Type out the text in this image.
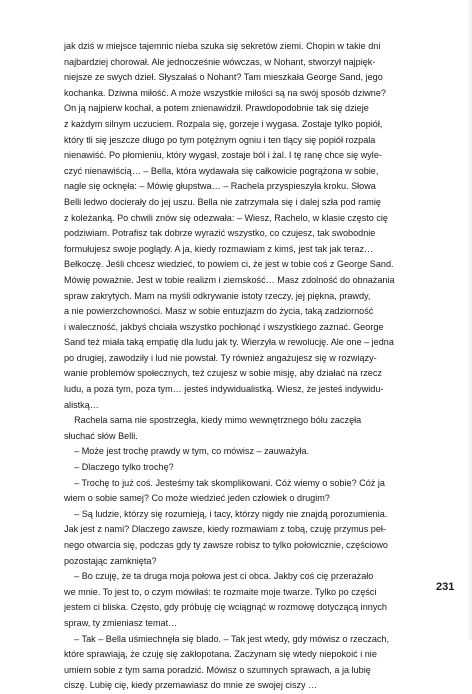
jak dziś w miejsce tajemnic nieba szuka się sekretów ziemi. Chopin w takie dni

najbardziej chorował. Ale jednocześnie wówczas, w Nohant, stworzył najpięk-

niejsze ze swych dzieł. Słyszałaś o Nohant? Tam mieszkała George Sand, jego

kochanka. Dziwna miłość. A może wszystkie miłości są na swój sposób dziwne?

On ją najpierw kochał, a potem znienawidził. Prawdopodobnie tak się dzieje

z każdym silnym uczuciem. Rozpala się, gorzeje i wygasa. Zostaje tylko popiół,

który tli się jeszcze długo po tym potężnym ogniu i ten tlący się popiół rozpala

nienawiść. Po płomieniu, który wygasł, zostaje ból i żal. I tę ranę chce się wyle-

czyć nienawiścią… – Bella, która wydawała się całkowicie pogrążona w sobie,

nagle się ocknęła: – Mówię głupstwa… – Rachela przyspieszyła kroku. Słowa

Belli ledwo docierały do jej uszu. Bella nie zatrzymała się i dalej szła pod ramię

z koleżanką. Po chwili znów się odezwała: – Wiesz, Rachelo, w klasie często cię

podziwiam. Potrafisz tak dobrze wyrazić wszystko, co czujesz, tak swobodnie

formułujesz swoje poglądy. A ja, kiedy rozmawiam z kimś, jest tak jak teraz…

Bełkoczę. Jeśli chcesz wiedzieć, to powiem ci, że jest w tobie coś z George Sand.

Mówię poważnie. Jest w tobie realizm i ziemskość… Masz zdolność do obnażania

spraw zakrytych. Mam na myśli odkrywanie istoty rzeczy, jej piękna, prawdy,

a nie powierzchowności. Masz w sobie entuzjazm do życia, taką zadziorność

i waleczność, jakbyś chciała wszystko pochłonąć i wszystkiego zaznać. George

Sand też miała taką empatię dla ludu jak ty. Wierzyła w rewolucję. Ale one – jedna

po drugiej, zawodziły i lud nie powstał. Ty również angażujesz się w rozwiązy-

wanie problemów społecznych, też czujesz w sobie misję, aby działać na rzecz

ludu, a poza tym, poza tym… jesteś indywidualistką. Wiesz, że jesteś indywidu-

alistką…

Rachela sama nie spostrzegła, kiedy mimo wewnętrznego bólu zaczęła

słuchać słów Belli.

– Może jest trochę prawdy w tym, co mówisz – zauważyła.

– Dlaczego tylko trochę?

– Trochę to już coś. Jesteśmy tak skomplikowani. Cóż wiemy o sobie? Cóż ja

wiem o sobie samej? Co może wiedzieć jeden człowiek o drugim?

– Są ludzie, którzy się rozumieją, i tacy, którzy nigdy nie znajdą porozumienia.

Jak jest z nami? Dlaczego zawsze, kiedy rozmawiam z tobą, czuję przymus peł-

nego otwarcia się, podczas gdy ty zawsze robisz to tylko połowicznie, częściowo

pozostając zamknięta?

– Bo czuję, że ta druga moja połowa jest ci obca. Jakby coś cię przerażało

we mnie. To jest to, o czym mówiłaś: te rozmaite moje twarze. Tylko po części

jestem ci bliska. Często, gdy próbuję cię wciągnąć w rozmowę dotyczącą innych

spraw, ty zmieniasz temat…

– Tak – Bella uśmiechnęła się blado. – Tak jest wtedy, gdy mówisz o rzeczach,

które sprawiają, że czuję się zakłopotana. Zaczynam się wtedy niepokoić i nie

umiem sobie z tym sama poradzić. Mówisz o szumnych sprawach, a ja lubię

ciszę. Lubię cię, kiedy przemawiasz do mnie ze swojej ciszy …

231
